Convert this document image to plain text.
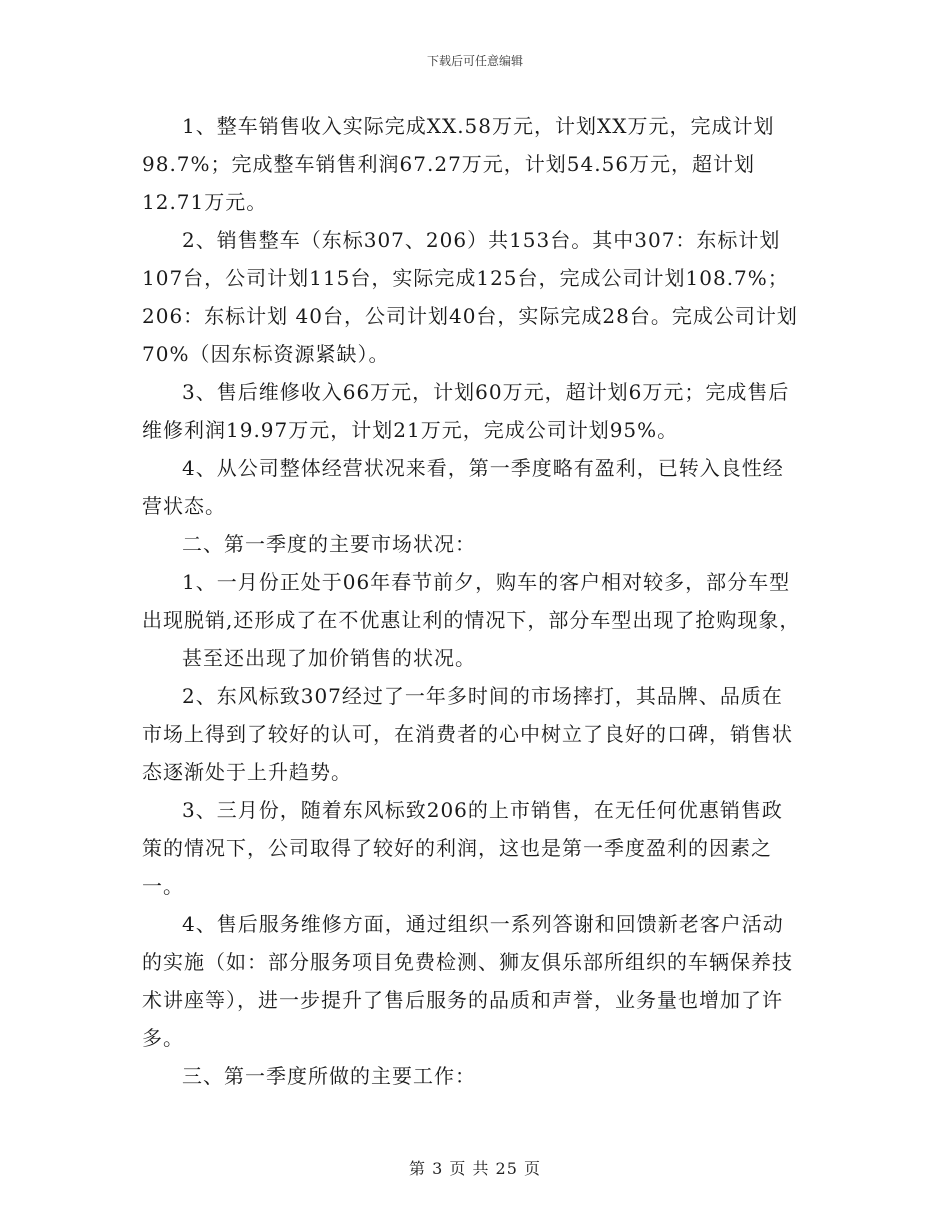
下载后可任意编辑

1、整车销售收入实际完成XX.58万元，计划XX万元，完成计划98.7%；完成整车销售利润67.27万元，计划54.56万元，超计划12.71万元。

2、销售整车（东标307、206）共153台。其中307：东标计划107台，公司计划115台，实际完成125台，完成公司计划108.7%；206：东标计划 40台，公司计划40台，实际完成28台。完成公司计划70%（因东标资源紧缺）。

3、售后维修收入66万元，计划60万元，超计划6万元；完成售后维修利润19.97万元，计划21万元，完成公司计划95%。

4、从公司整体经营状况来看，第一季度略有盈利，已转入良性经营状态。

二、第一季度的主要市场状况：

1、一月份正处于06年春节前夕，购车的客户相对较多，部分车型出现脱销,还形成了在不优惠让利的情况下，部分车型出现了抢购现象，

甚至还出现了加价销售的状况。

2、东风标致307经过了一年多时间的市场摔打，其品牌、品质在市场上得到了较好的认可，在消费者的心中树立了良好的口碑，销售状态逐渐处于上升趋势。

3、三月份，随着东风标致206的上市销售，在无任何优惠销售政策的情况下，公司取得了较好的利润，这也是第一季度盈利的因素之一。

4、售后服务维修方面，通过组织一系列答谢和回馈新老客户活动的实施（如：部分服务项目免费检测、狮友俱乐部所组织的车辆保养技术讲座等），进一步提升了售后服务的品质和声誉，业务量也增加了许多。

三、第一季度所做的主要工作：

第 3 页 共 25 页
